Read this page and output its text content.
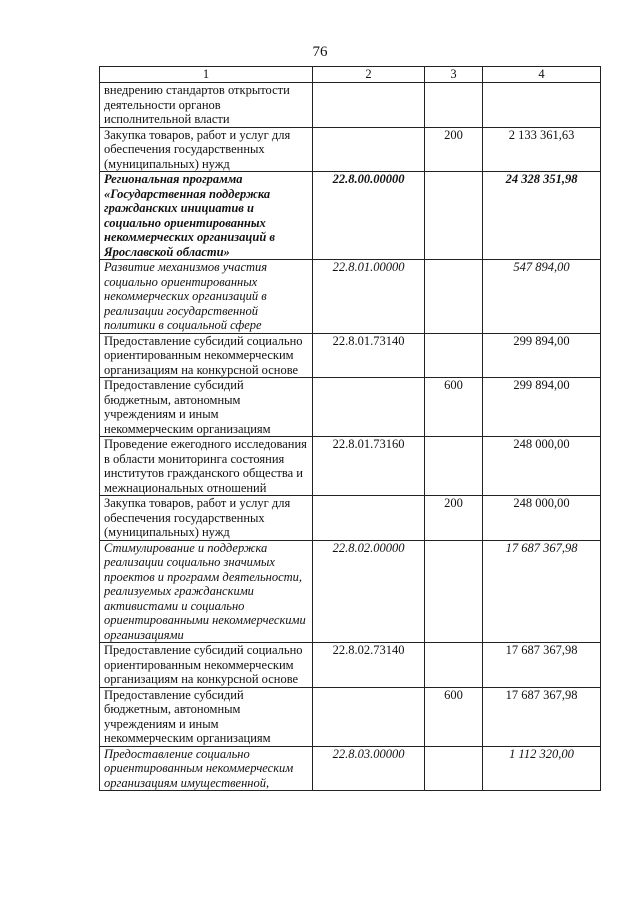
76
1	2	3	4
внедрению стандартов открытости деятельности органов исполнительной власти			
Закупка товаров, работ и услуг для обеспечения государственных (муниципальных) нужд		200	2 133 361,63
Региональная программа «Государственная поддержка гражданских инициатив и социально ориентированных некоммерческих организаций в Ярославской области»	22.8.00.00000		24 328 351,98
Развитие механизмов участия социально ориентированных некоммерческих организаций в реализации государственной политики в социальной сфере	22.8.01.00000		547 894,00
Предоставление субсидий социально ориентированным некоммерческим организациям на конкурсной основе	22.8.01.73140		299 894,00
Предоставление субсидий бюджетным, автономным учреждениям и иным некоммерческим организациям		600	299 894,00
Проведение ежегодного исследования в области мониторинга состояния институтов гражданского общества и межнациональных отношений	22.8.01.73160		248 000,00
Закупка товаров, работ и услуг для обеспечения государственных (муниципальных) нужд		200	248 000,00
Стимулирование и поддержка реализации социально значимых проектов и программ деятельности, реализуемых гражданскими активистами и социально ориентированными некоммерческими организациями	22.8.02.00000		17 687 367,98
Предоставление субсидий социально ориентированным некоммерческим организациям на конкурсной основе	22.8.02.73140		17 687 367,98
Предоставление субсидий бюджетным, автономным учреждениям и иным некоммерческим организациям		600	17 687 367,98
Предоставление социально ориентированным некоммерческим организациям имущественной,	22.8.03.00000		1 112 320,00
